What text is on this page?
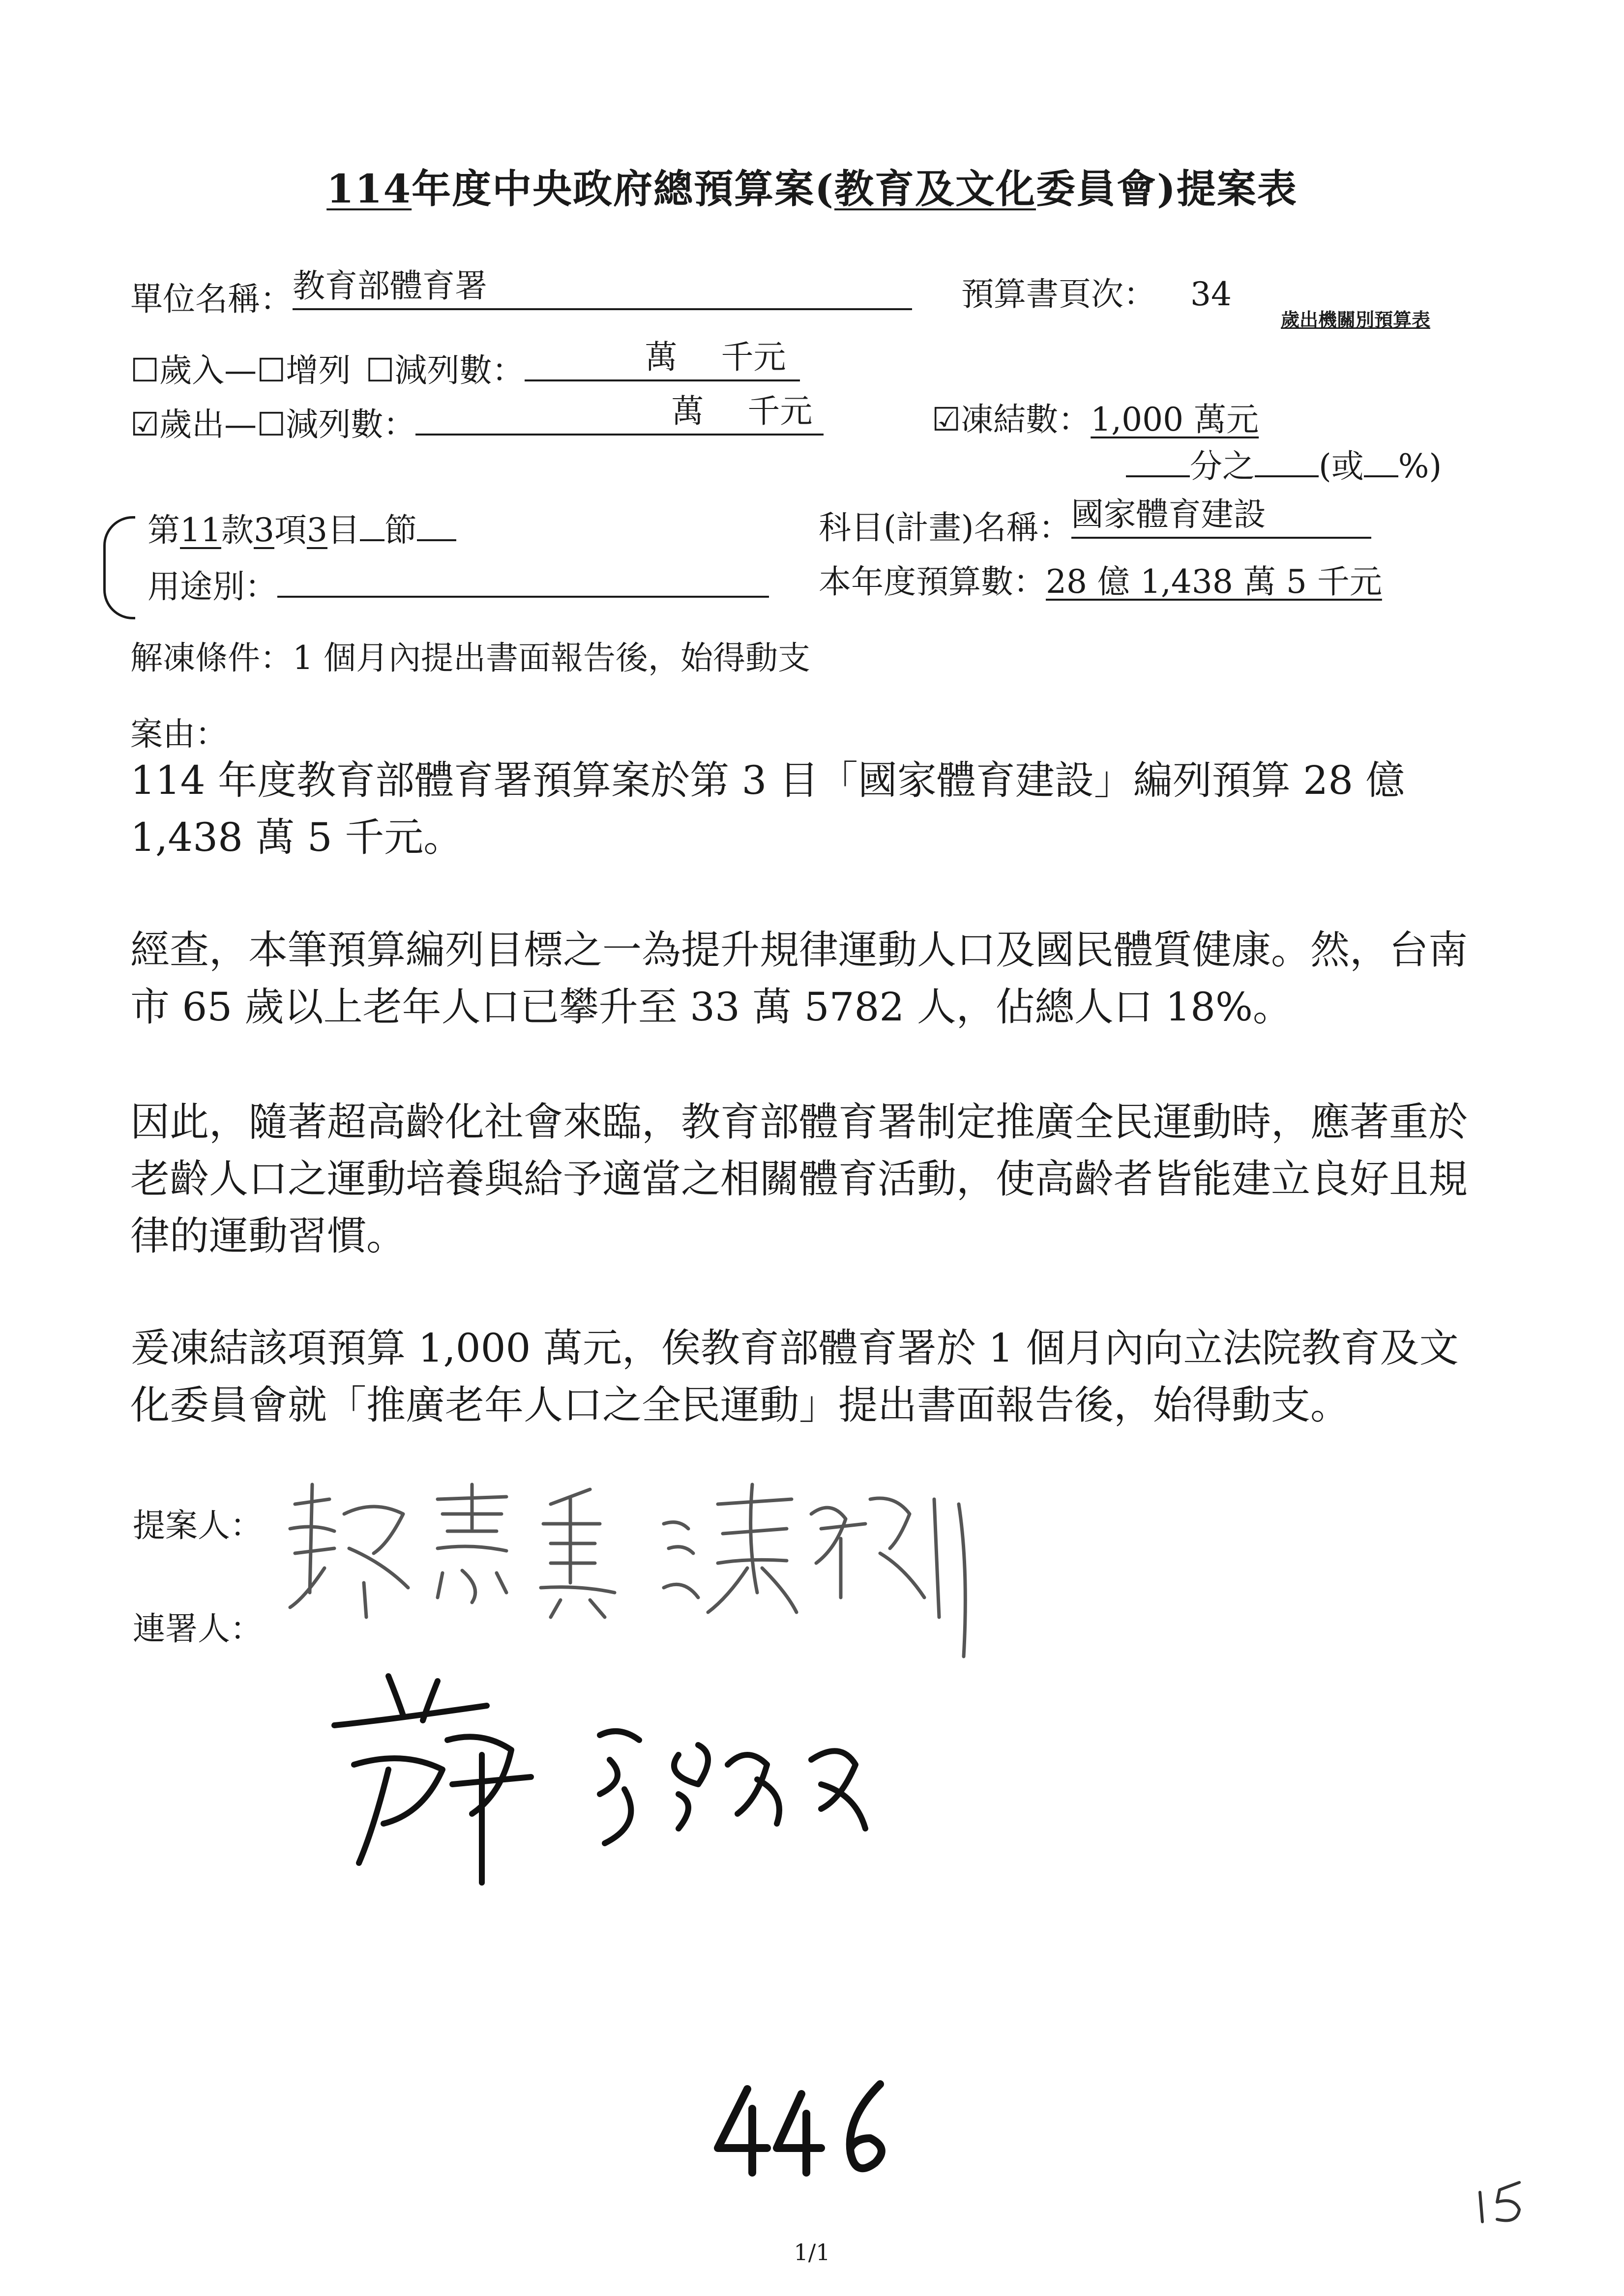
114年度中央政府總預算案(教育及文化委員會)提案表
單位名稱： 教育部體育署	預算書頁次： 34
歲出機關別預算表
☐歲入—☐增列 ☐減列數：	萬 千元
☑歲出—☐減列數：	萬 千元	☑凍結數：1,000 萬元
分之 (或 %)
第11款3項3目 節	科目(計畫)名稱： 國家體育建設
用途別：	本年度預算數：28 億 1,438 萬 5 千元
解凍條件：1 個月內提出書面報告後，始得動支
案由：

114 年度教育部體育署預算案於第 3 目「國家體育建設」編列預算 28 億 1,438 萬 5 千元。

經查，本筆預算編列目標之一為提升規律運動人口及國民體質健康。然，台南市 65 歲以上老年人口已攀升至 33 萬 5782 人，佔總人口 18%。

因此，隨著超高齡化社會來臨，教育部體育署制定推廣全民運動時，應著重於老齡人口之運動培養與給予適當之相關體育活動，使高齡者皆能建立良好且規律的運動習慣。

爰凍結該項預算 1,000 萬元，俟教育部體育署於 1 個月內向立法院教育及文化委員會就「推廣老年人口之全民運動」提出書面報告後，始得動支。

提案人：
連署人：
1/1
